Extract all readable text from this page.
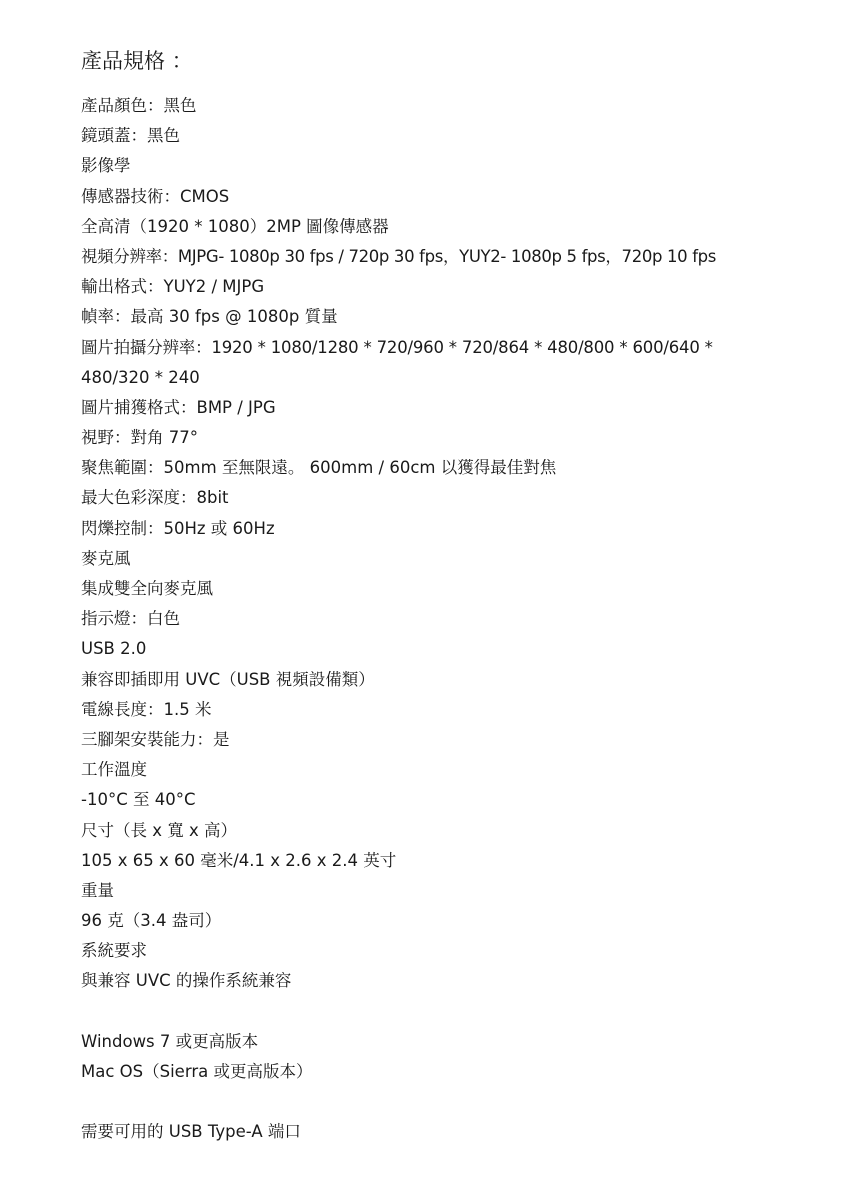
產品規格 ：
產品顏色：黑色
鏡頭蓋：黑色
影像學
傳感器技術：CMOS
全高清（1920 * 1080）2MP 圖像傳感器
視頻分辨率：MJPG- 1080p 30 fps / 720p 30 fps，YUY2- 1080p 5 fps，720p 10 fps
輸出格式：YUY2 / MJPG
幀率：最高 30 fps @ 1080p 質量
圖片拍攝分辨率：1920 * 1080/1280 * 720/960 * 720/864 * 480/800 * 600/640 *
480/320 * 240
圖片捕獲格式：BMP / JPG
視野：對角 77°
聚焦範圍：50mm 至無限遠。 600mm / 60cm 以獲得最佳對焦
最大色彩深度：8bit
閃爍控制：50Hz 或 60Hz
麥克風
集成雙全向麥克風
指示燈：白色
USB 2.0
兼容即插即用 UVC（USB 視頻設備類）
電線長度：1.5 米
三腳架安裝能力：是
工作溫度
-10°C 至 40°C
尺寸（長 x 寬 x 高）
105 x 65 x 60 毫米/4.1 x 2.6 x 2.4 英寸
重量
96 克（3.4 盎司）
系統要求
與兼容 UVC 的操作系統兼容
Windows 7 或更高版本
Mac OS（Sierra 或更高版本）
需要可用的 USB Type-A 端口
